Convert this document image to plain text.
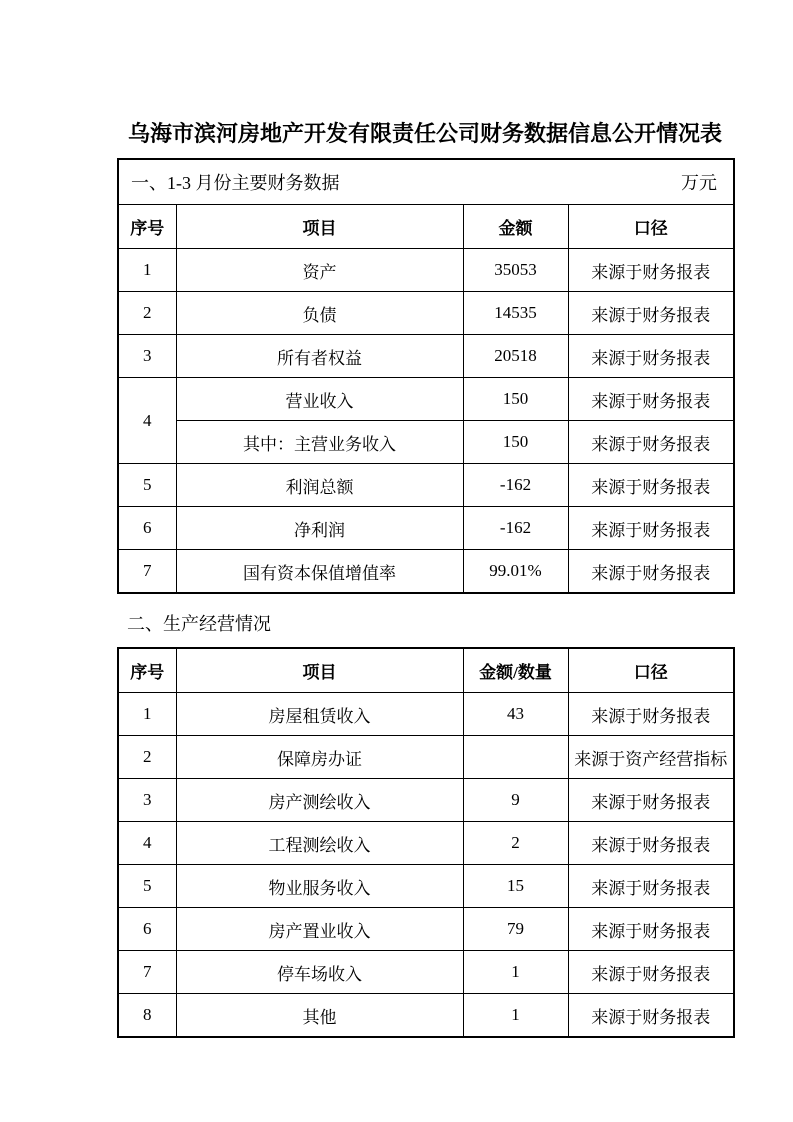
乌海市滨河房地产开发有限责任公司财务数据信息公开情况表
一、1-3 月份主要财务数据 万元			

序号	项目	金额	口径
1	资产	35053	来源于财务报表
2	负债	14535	来源于财务报表
3	所有者权益	20518	来源于财务报表
4	营业收入	150	来源于财务报表
	其中：主营业务收入	150	来源于财务报表
5	利润总额	-162	来源于财务报表
6	净利润	-162	来源于财务报表
7	国有资本保值增值率	99.01%	来源于财务报表
二、生产经营情况
序号	项目	金额/数量	口径
1	房屋租赁收入	43	来源于财务报表
2	保障房办证		来源于资产经营指标
3	房产测绘收入	9	来源于财务报表
4	工程测绘收入	2	来源于财务报表
5	物业服务收入	15	来源于财务报表
6	房产置业收入	79	来源于财务报表
7	停车场收入	1	来源于财务报表
8	其他	1	来源于财务报表
